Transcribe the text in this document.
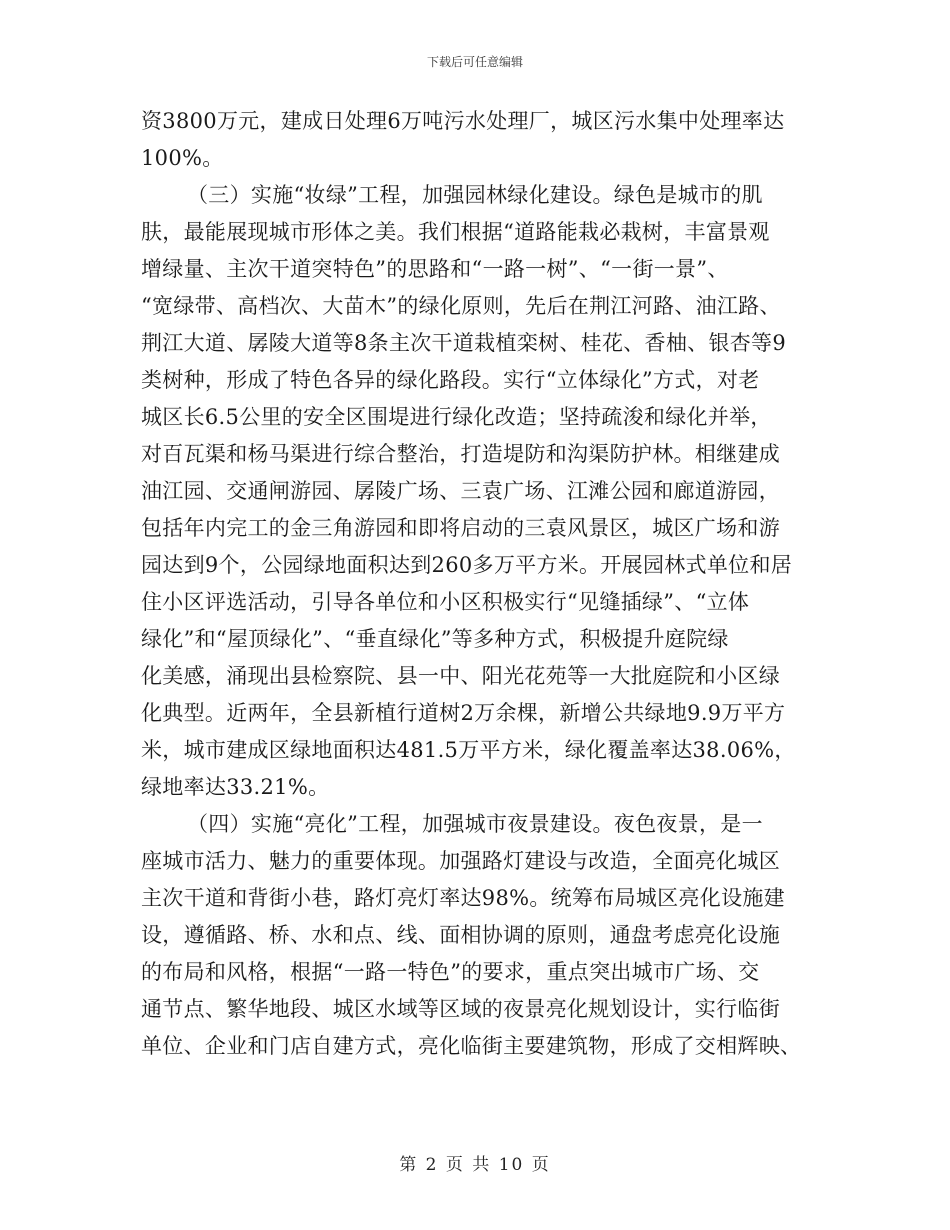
下载后可任意编辑
资3800万元，建成日处理6万吨污水处理厂，城区污水集中处理率达
100%。
（三）实施“妆绿”工程，加强园林绿化建设。绿色是城市的肌
肤，最能展现城市形体之美。我们根据“道路能栽必栽树，丰富景观
增绿量、主次干道突特色”的思路和“一路一树”、“一街一景”、
“宽绿带、高档次、大苗木”的绿化原则，先后在荆江河路、油江路、
荆江大道、孱陵大道等8条主次干道栽植栾树、桂花、香柚、银杏等9
类树种，形成了特色各异的绿化路段。实行“立体绿化”方式，对老
城区长6.5公里的安全区围堤进行绿化改造；坚持疏浚和绿化并举，
对百瓦渠和杨马渠进行综合整治，打造堤防和沟渠防护林。相继建成
油江园、交通闸游园、孱陵广场、三袁广场、江滩公园和廊道游园，
包括年内完工的金三角游园和即将启动的三袁风景区，城区广场和游
园达到9个，公园绿地面积达到260多万平方米。开展园林式单位和居
住小区评选活动，引导各单位和小区积极实行“见缝插绿”、“立体
绿化”和“屋顶绿化”、“垂直绿化”等多种方式，积极提升庭院绿
化美感，涌现出县检察院、县一中、阳光花苑等一大批庭院和小区绿
化典型。近两年，全县新植行道树2万余棵，新增公共绿地9.9万平方
米，城市建成区绿地面积达481.5万平方米，绿化覆盖率达38.06%，
绿地率达33.21%。
（四）实施“亮化”工程，加强城市夜景建设。夜色夜景，是一
座城市活力、魅力的重要体现。加强路灯建设与改造，全面亮化城区
主次干道和背街小巷，路灯亮灯率达98%。统筹布局城区亮化设施建
设，遵循路、桥、水和点、线、面相协调的原则，通盘考虑亮化设施
的布局和风格，根据“一路一特色”的要求，重点突出城市广场、交
通节点、繁华地段、城区水域等区域的夜景亮化规划设计，实行临街
单位、企业和门店自建方式，亮化临街主要建筑物，形成了交相辉映、
第 2 页 共 10 页
